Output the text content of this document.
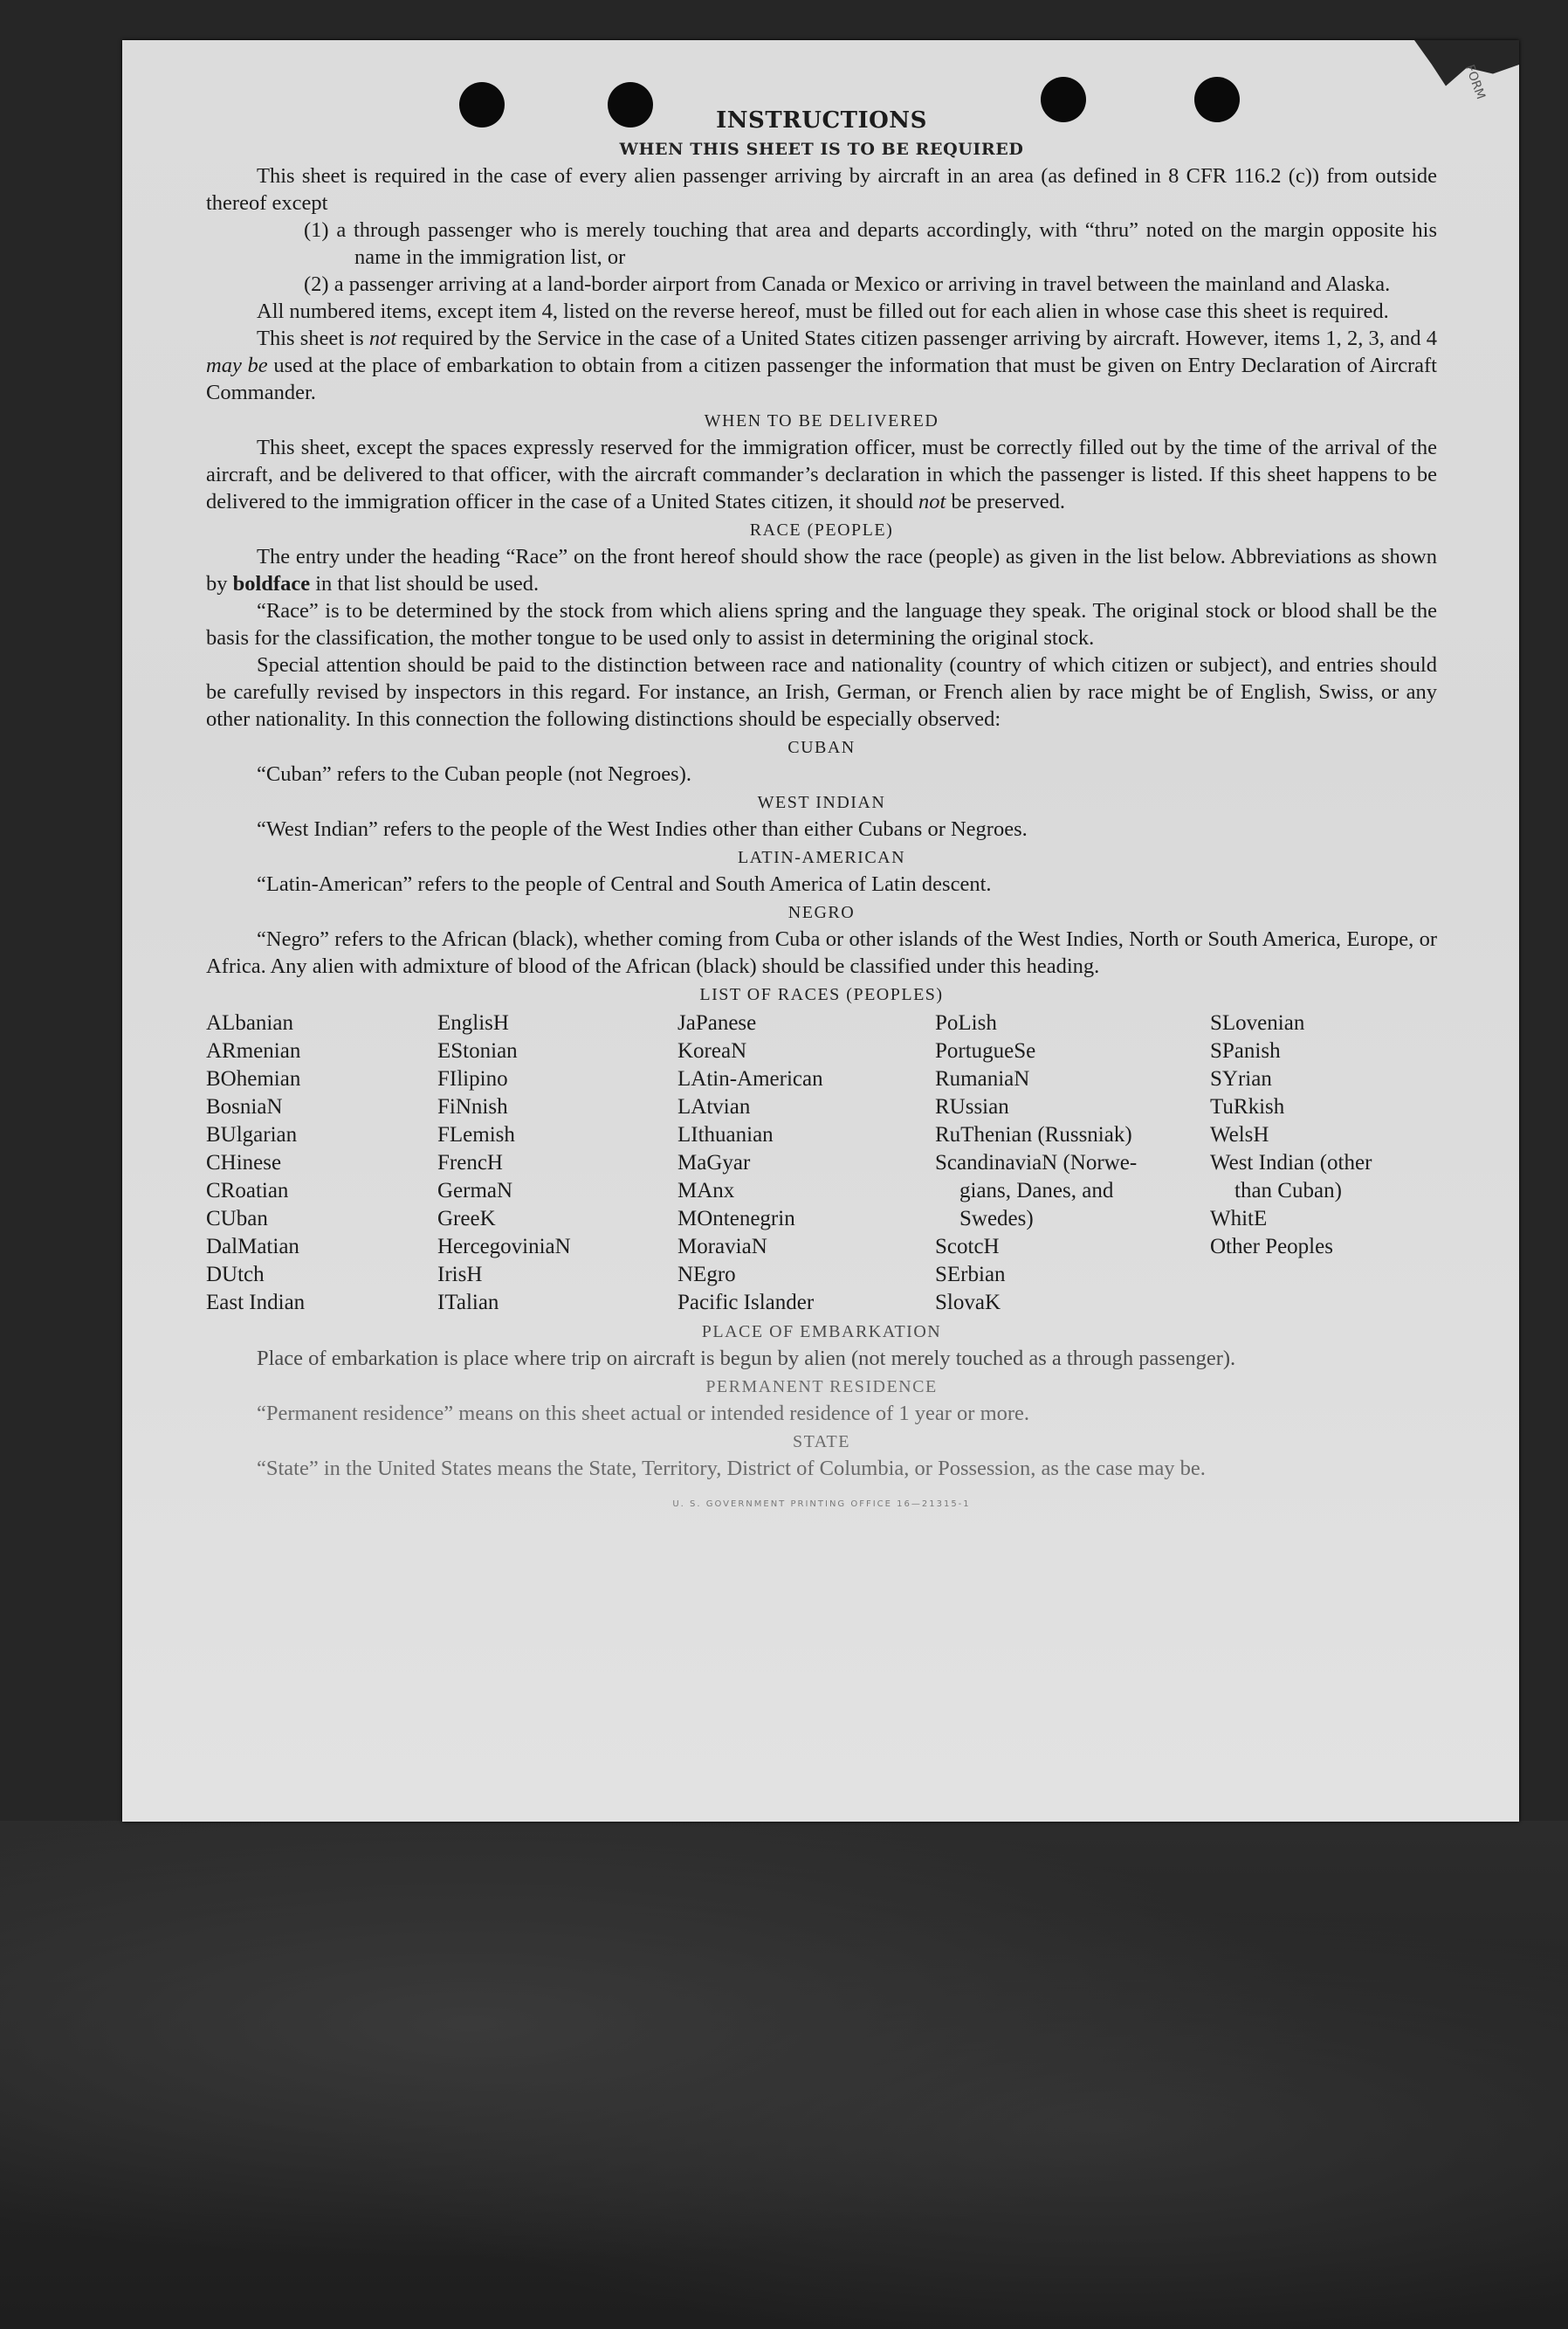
FORM
INSTRUCTIONS
WHEN THIS SHEET IS TO BE REQUIRED

This sheet is required in the case of every alien passenger arriving by aircraft in an area (as defined in 8 CFR 116.2 (c)) from outside thereof except

(1) a through passenger who is merely touching that area and departs accordingly, with “thru” noted on the margin opposite his name in the immigration list, or

(2) a passenger arriving at a land-border airport from Canada or Mexico or arriving in travel between the mainland and Alaska.

All numbered items, except item 4, listed on the reverse hereof, must be filled out for each alien in whose case this sheet is required.

This sheet is not required by the Service in the case of a United States citizen passenger arriving by aircraft. However, items 1, 2, 3, and 4 may be used at the place of embarkation to obtain from a citizen passenger the information that must be given on Entry Declaration of Aircraft Commander.

WHEN TO BE DELIVERED

This sheet, except the spaces expressly reserved for the immigration officer, must be correctly filled out by the time of the arrival of the aircraft, and be delivered to that officer, with the aircraft commander’s declaration in which the passenger is listed. If this sheet happens to be delivered to the immigration officer in the case of a United States citizen, it should not be preserved.

RACE (PEOPLE)

The entry under the heading “Race” on the front hereof should show the race (people) as given in the list below. Abbreviations as shown by boldface in that list should be used.

“Race” is to be determined by the stock from which aliens spring and the language they speak. The original stock or blood shall be the basis for the classification, the mother tongue to be used only to assist in determining the original stock.

Special attention should be paid to the distinction between race and nationality (country of which citizen or subject), and entries should be carefully revised by inspectors in this regard. For instance, an Irish, German, or French alien by race might be of English, Swiss, or any other nationality. In this connection the following distinctions should be especially observed:

CUBAN

“Cuban” refers to the Cuban people (not Negroes).

WEST INDIAN

“West Indian” refers to the people of the West Indies other than either Cubans or Negroes.

LATIN-AMERICAN

“Latin-American” refers to the people of Central and South America of Latin descent.

NEGRO

“Negro” refers to the African (black), whether coming from Cuba or other islands of the West Indies, North or South America, Europe, or Africa. Any alien with admixture of blood of the African (black) should be classified under this heading.

LIST OF RACES (PEOPLES)
ALbanian
ARmenian
BOhemian
BosniaN
BUlgarian
CHinese
CRoatian
CUban
DalMatian
DUtch
East Indian
EnglisH
EStonian
FIlipino
FiNnish
FLemish
FrencH
GermaN
GreeK
HercegoviniaN
IrisH
ITalian
JaPanese
KoreaN
LAtin-American
LAtvian
LIthuanian
MaGyar
MAnx
MOntenegrin
MoraviaN
NEgro
Pacific Islander
PoLish
PortugueSe
RumaniaN
RUssian
RuThenian (Russniak)
ScandinaviaN (Norwe-
gians, Danes, and
Swedes)
ScotcH
SErbian
SlovaK
SLovenian
SPanish
SYrian
TuRkish
WelsH
West Indian (other
than Cuban)
WhitE
Other Peoples
PLACE OF EMBARKATION

Place of embarkation is place where trip on aircraft is begun by alien (not merely touched as a through passenger).

PERMANENT RESIDENCE

“Permanent residence” means on this sheet actual or intended residence of 1 year or more.

STATE

“State” in the United States means the State, Territory, District of Columbia, or Possession, as the case may be.

U. S. GOVERNMENT PRINTING OFFICE 16—21315-1
